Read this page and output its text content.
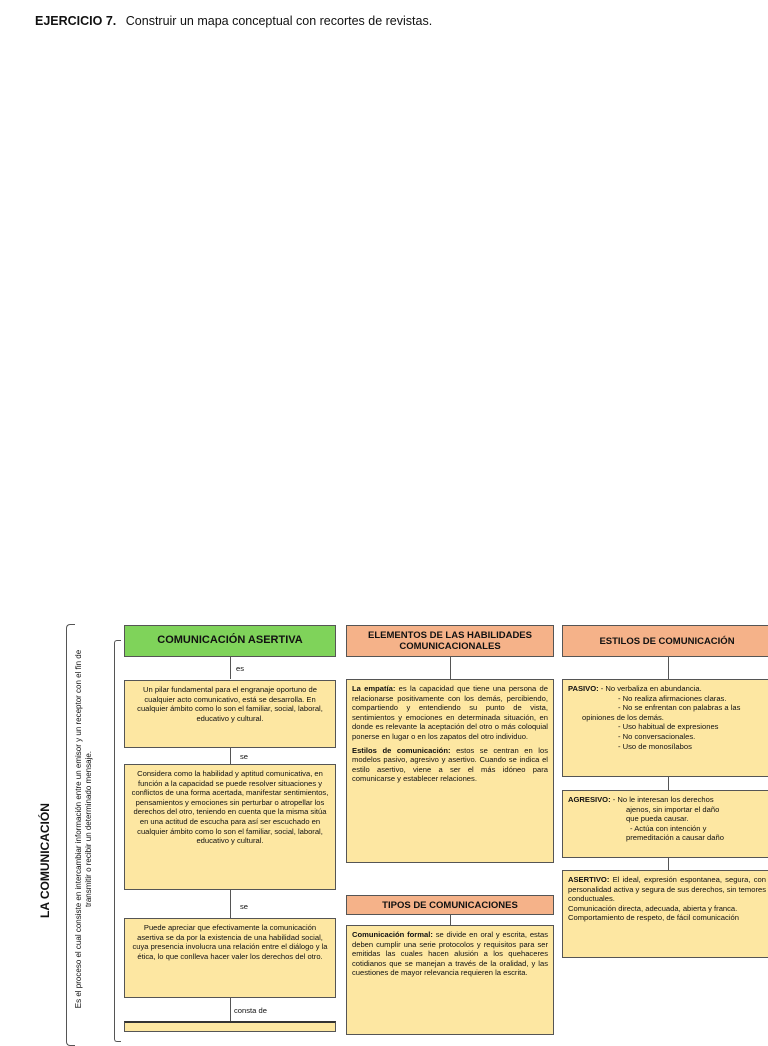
EJERCICIO 7. Construir un mapa conceptual con recortes de revistas.
LA COMUNICACIÓN	Es el proceso el cual consiste en intercambiar información entre un emisor y un receptor con el fin de transmitir o recibir un determinado mensaje.
COMUNICACIÓN ASERTIVA
es
Un pilar fundamental para el engranaje oportuno de cualquier acto comunicativo, está se desarrolla. En cualquier ámbito como lo son el familiar, social, laboral, educativo y cultural.
se
Considera como la habilidad y aptitud comunicativa, en función a la capacidad se puede resolver situaciones y conflictos de una forma acertada, manifestar sentimientos, pensamientos y emociones sin perturbar o atropellar los derechos del otro, teniendo en cuenta que la misma sitúa en una actitud de escucha para así ser escuchado en cualquier ámbito como lo son el familiar, social, laboral, educativo y cultural.
se
Puede apreciar que efectivamente la comunicación asertiva se da por la existencia de una habilidad social, cuya presencia involucra una relación entre el diálogo y la ética, lo que conlleva hacer valer los derechos del otro.
consta de
ELEMENTOS DE LAS HABILIDADES COMUNICACIONALES
La empatía: es la capacidad que tiene una persona de relacionarse positivamente con los demás, percibiendo, compartiendo y entendiendo su punto de vista, sentimientos y emociones en determinada situación, en donde es relevante la aceptación del otro o más coloquial ponerse en lugar o en los zapatos del otro individuo.
Estilos de comunicación: estos se centran en los modelos pasivo, agresivo y asertivo. Cuando se indica el estilo asertivo, viene a ser el más idóneo para comunicarse y establecer relaciones.
TIPOS DE COMUNICACIONES
Comunicación formal: se divide en oral y escrita, estas deben cumplir una serie protocolos y requisitos para ser emitidas las cuales hacen alusión a los quehaceres cotidianos que se manejan a través de la oralidad, y las cuestiones de mayor relevancia requieren la escrita.
ESTILOS DE COMUNICACIÓN
PASIVO: - No verbaliza en abundancia.
- No realiza afirmaciones claras.
- No se enfrentan con palabras a las
opiniones de los demás.
- Uso habitual de expresiones
- No conversacionales.
- Uso de monosílabos
AGRESIVO: - No le interesan los derechos
ajenos, sin importar el daño
que pueda causar.
- Actúa con intención y
premeditación a causar daño
ASERTIVO: El ideal, expresión espontanea, segura, con personalidad activa y segura de sus derechos, sin temores conductuales.
Comunicación directa, adecuada, abierta y franca.
Comportamiento de respeto, de fácil comunicación
